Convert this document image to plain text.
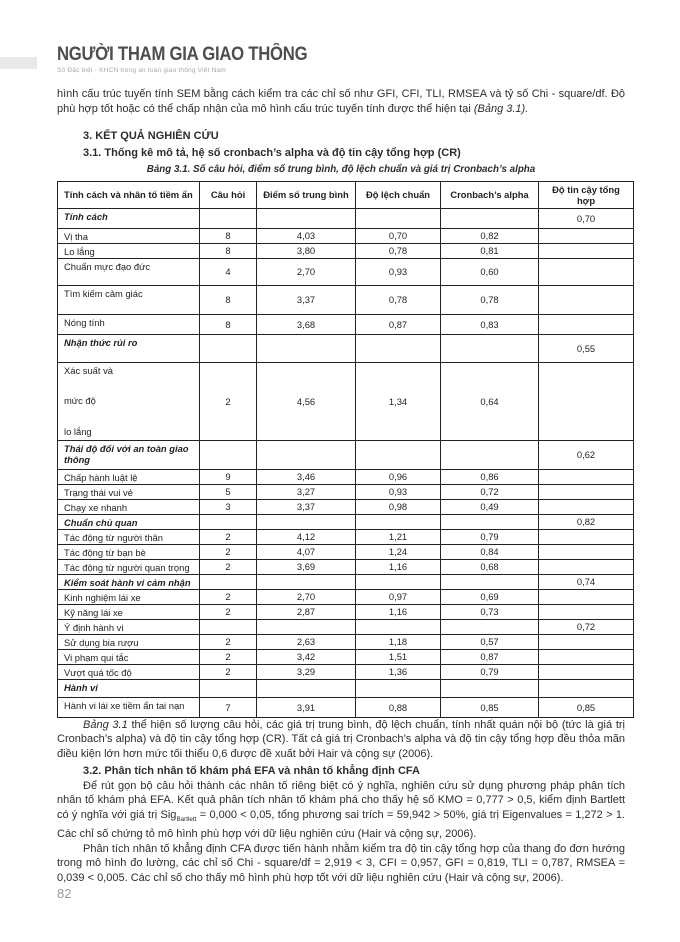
NGƯỜI THAM GIA GIAO THÔNG
Số Đặc biệt - KHCN trong an toàn giao thông Việt Nam

hình cấu trúc tuyến tính SEM bằng cách kiểm tra các chỉ số như GFI, CFI, TLI, RMSEA và tỷ số Chi - square/df. Độ phù hợp tốt hoặc có thể chấp nhận của mô hình cấu trúc tuyến tính được thể hiện tại (Bảng 3.1).

3. KẾT QUẢ NGHIÊN CỨU
3.1. Thống kê mô tả, hệ số cronbach’s alpha và độ tin cậy tổng hợp (CR)
Bảng 3.1. Số câu hỏi, điểm số trung bình, độ lệch chuẩn và giá trị Cronbach’s alpha
Tính cách và nhân tố tiềm ẩn	Câu hỏi	Điểm số trung bình	Độ lệch chuẩn	Cronbach’s alpha	Độ tin cậy tổng hợp
Tính cách					0,70
Vị tha	8	4,03	0,70	0,82	
Lo lắng	8	3,80	0,78	0,81	
Chuẩn mực đạo đức	4	2,70	0,93	0,60	
Tìm kiếm cảm giác	8	3,37	0,78	0,78	
Nóng tính	8	3,68	0,87	0,83	
Nhận thức rủi ro					0,55

Xác suất và
mức độ
lo lắng	2	4,56	1,34	0,64	
Thái độ đối với an toàn giao thông					0,62
Chấp hành luật lệ	9	3,46	0,96	0,86	
Trạng thái vui vẻ	5	3,27	0,93	0,72	
Chạy xe nhanh	3	3,37	0,98	0,49	
Chuẩn chủ quan					0,82
Tác động từ người thân	2	4,12	1,21	0,79	
Tác động từ bạn bè	2	4,07	1,24	0,84	
Tác động từ người quan trọng	2	3,69	1,16	0,68	
Kiểm soát hành vi cảm nhận					0,74
Kinh nghiệm lái xe	2	2,70	0,97	0,69	
Kỹ năng lái xe	2	2,87	1,16	0,73	
Ý định hành vi					0,72
Sử dụng bia rượu	2	2,63	1,18	0,57	
Vi phạm qui tắc	2	3,42	1,51	0,87	
Vượt quá tốc độ	2	3,29	1,36	0,79	
Hành vi					
Hành vi lái xe tiềm ẩn tai nạn	7	3,91	0,88	0,85	0,85

Bảng 3.1 thể hiện số lượng câu hỏi, các giá trị trung bình, độ lệch chuẩn, tính nhất quán nội bộ (tức là giá trị Cronbach’s alpha) và độ tin cậy tổng hợp (CR). Tất cả giá trị Cronbach’s alpha và độ tin cậy tổng hợp đều thỏa mãn điều kiện lớn hơn mức tối thiểu 0,6 được đề xuất bởi Hair và cộng sự (2006).

3.2. Phân tích nhân tố khám phá EFA và nhân tố khẳng định CFA

Để rút gọn bộ câu hỏi thành các nhân tố riêng biệt có ý nghĩa, nghiên cứu sử dụng phương pháp phân tích nhân tố khám phá EFA. Kết quả phân tích nhân tố khám phá cho thấy hệ số KMO = 0,777 > 0,5, kiểm định Bartlett có ý nghĩa với giá trị Sig$_{Bartlett}$ = 0,000 < 0,05, tổng phương sai trích = 59,942 > 50%, giá trị Eigenvalues = 1,272 > 1. Các chỉ số chứng tỏ mô hình phù hợp với dữ liệu nghiên cứu (Hair và cộng sự, 2006).

Phân tích nhân tố khẳng định CFA được tiến hành nhằm kiểm tra độ tin cậy tổng hợp của thang đo đơn hướng trong mô hình đo lường, các chỉ số Chi - square/df = 2,919 < 3, CFI = 0,957, GFI = 0,819, TLI = 0,787, RMSEA = 0,039 < 0,005. Các chỉ số cho thấy mô hình phù hợp tốt với dữ liệu nghiên cứu (Hair và cộng sự, 2006).

82
